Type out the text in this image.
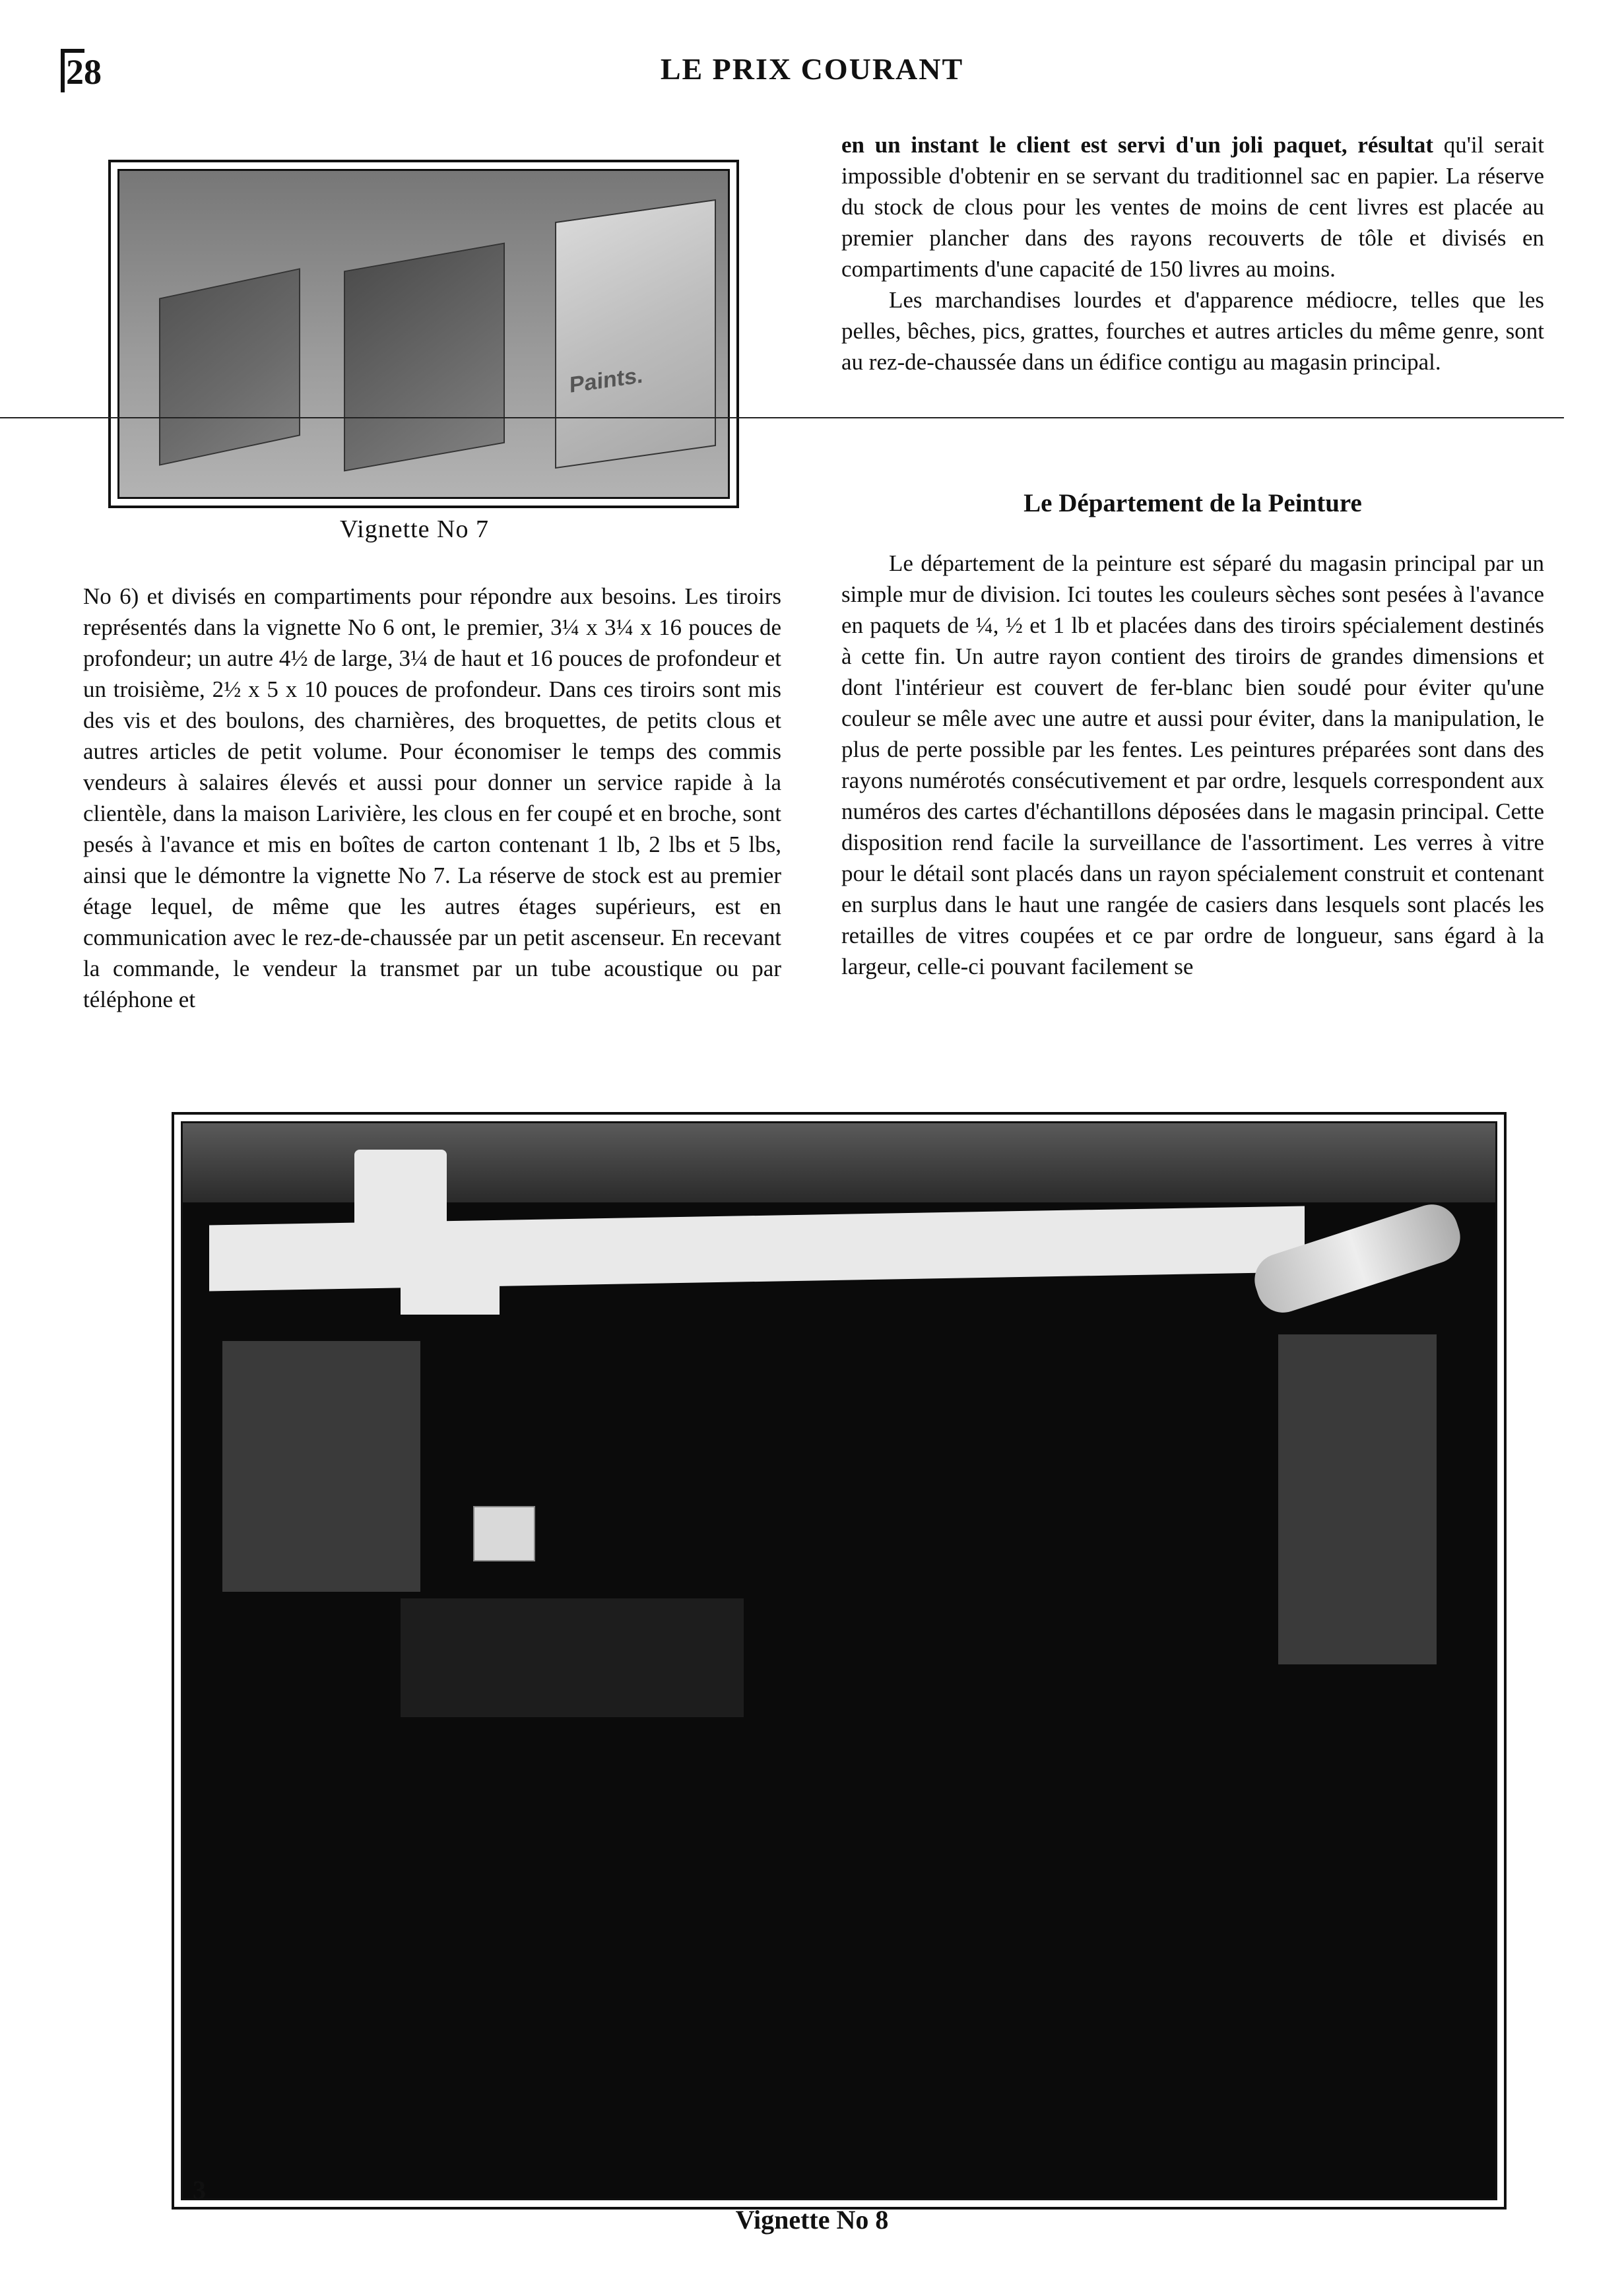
28	LE PRIX COURANT
Paints.
Vignette No 7

en un instant le client est servi d'un joli paquet, résultat qu'il serait impossible d'obtenir en se servant du traditionnel sac en papier. La réserve du stock de clous pour les ventes de moins de cent livres est placée au premier plancher dans des rayons recouverts de tôle et divisés en compartiments d'une capacité de 150 livres au moins.

Les marchandises lourdes et d'apparence médiocre, telles que les pelles, bêches, pics, grattes, fourches et autres articles du même genre, sont au rez-de-chaussée dans un édifice contigu au magasin principal.

Le Département de la Peinture

Le département de la peinture est séparé du magasin principal par un simple mur de division. Ici toutes les couleurs sèches sont pesées à l'avance en paquets de ¼, ½ et 1 lb et placées dans des tiroirs spécialement destinés à cette fin. Un autre rayon contient des tiroirs de grandes dimensions et dont l'intérieur est couvert de fer-blanc bien soudé pour éviter qu'une couleur se mêle avec une autre et aussi pour éviter, dans la manipulation, le plus de perte possible par les fentes. Les peintures préparées sont dans des rayons numérotés consécutivement et par ordre, lesquels correspondent aux numéros des cartes d'échantillons déposées dans le magasin principal. Cette disposition rend facile la surveillance de l'assortiment. Les verres à vitre pour le détail sont placés dans un rayon spécialement construit et contenant en surplus dans le haut une rangée de casiers dans lesquels sont placés les retailles de vitres coupées et ce par ordre de longueur, sans égard à la largeur, celle-ci pouvant facilement se

No 6) et divisés en compartiments pour répondre aux besoins. Les tiroirs représentés dans la vignette No 6 ont, le premier, 3¼ x 3¼ x 16 pouces de profondeur; un autre 4½ de large, 3¼ de haut et 16 pouces de profondeur et un troisième, 2½ x 5 x 10 pouces de profondeur. Dans ces tiroirs sont mis des vis et des boulons, des charnières, des broquettes, de petits clous et autres articles de petit volume. Pour économiser le temps des commis vendeurs à salaires élevés et aussi pour donner un service rapide à la clientèle, dans la maison Larivière, les clous en fer coupé et en broche, sont pesés à l'avance et mis en boîtes de carton contenant 1 lb, 2 lbs et 5 lbs, ainsi que le démontre la vignette No 7. La réserve de stock est au premier étage lequel, de même que les autres étages supérieurs, est en communication avec le rez-de-chaussée par un petit ascenseur. En recevant la commande, le vendeur la transmet par un tube acoustique ou par téléphone et

3
Vignette No 8
